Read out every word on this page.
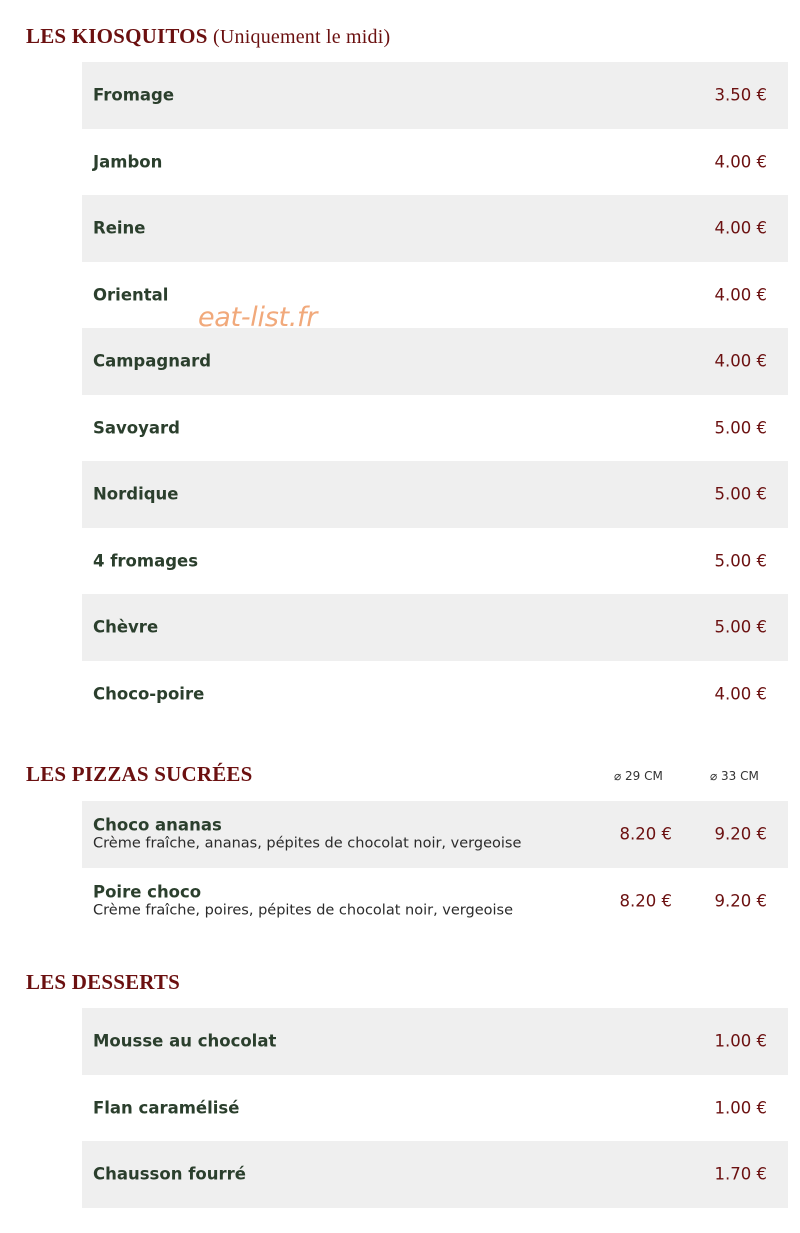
LES KIOSQUITOS (Uniquement le midi)
Fromage	3.50 €
Jambon	4.00 €
Reine	4.00 €
Oriental	4.00 €
Campagnard	4.00 €
Savoyard	5.00 €
Nordique	5.00 €
4 fromages	5.00 €
Chèvre	5.00 €
Choco-poire	4.00 €
eat-list.fr
LES PIZZAS SUCRÉES	⌀ 29 CM	⌀ 33 CM
Choco ananas
Crème fraîche, ananas, pépites de chocolat noir, vergeoise	8.20 €	9.20 €
Poire choco
Crème fraîche, poires, pépites de chocolat noir, vergeoise	8.20 €	9.20 €
LES DESSERTS
Mousse au chocolat	1.00 €
Flan caramélisé	1.00 €
Chausson fourré	1.70 €
